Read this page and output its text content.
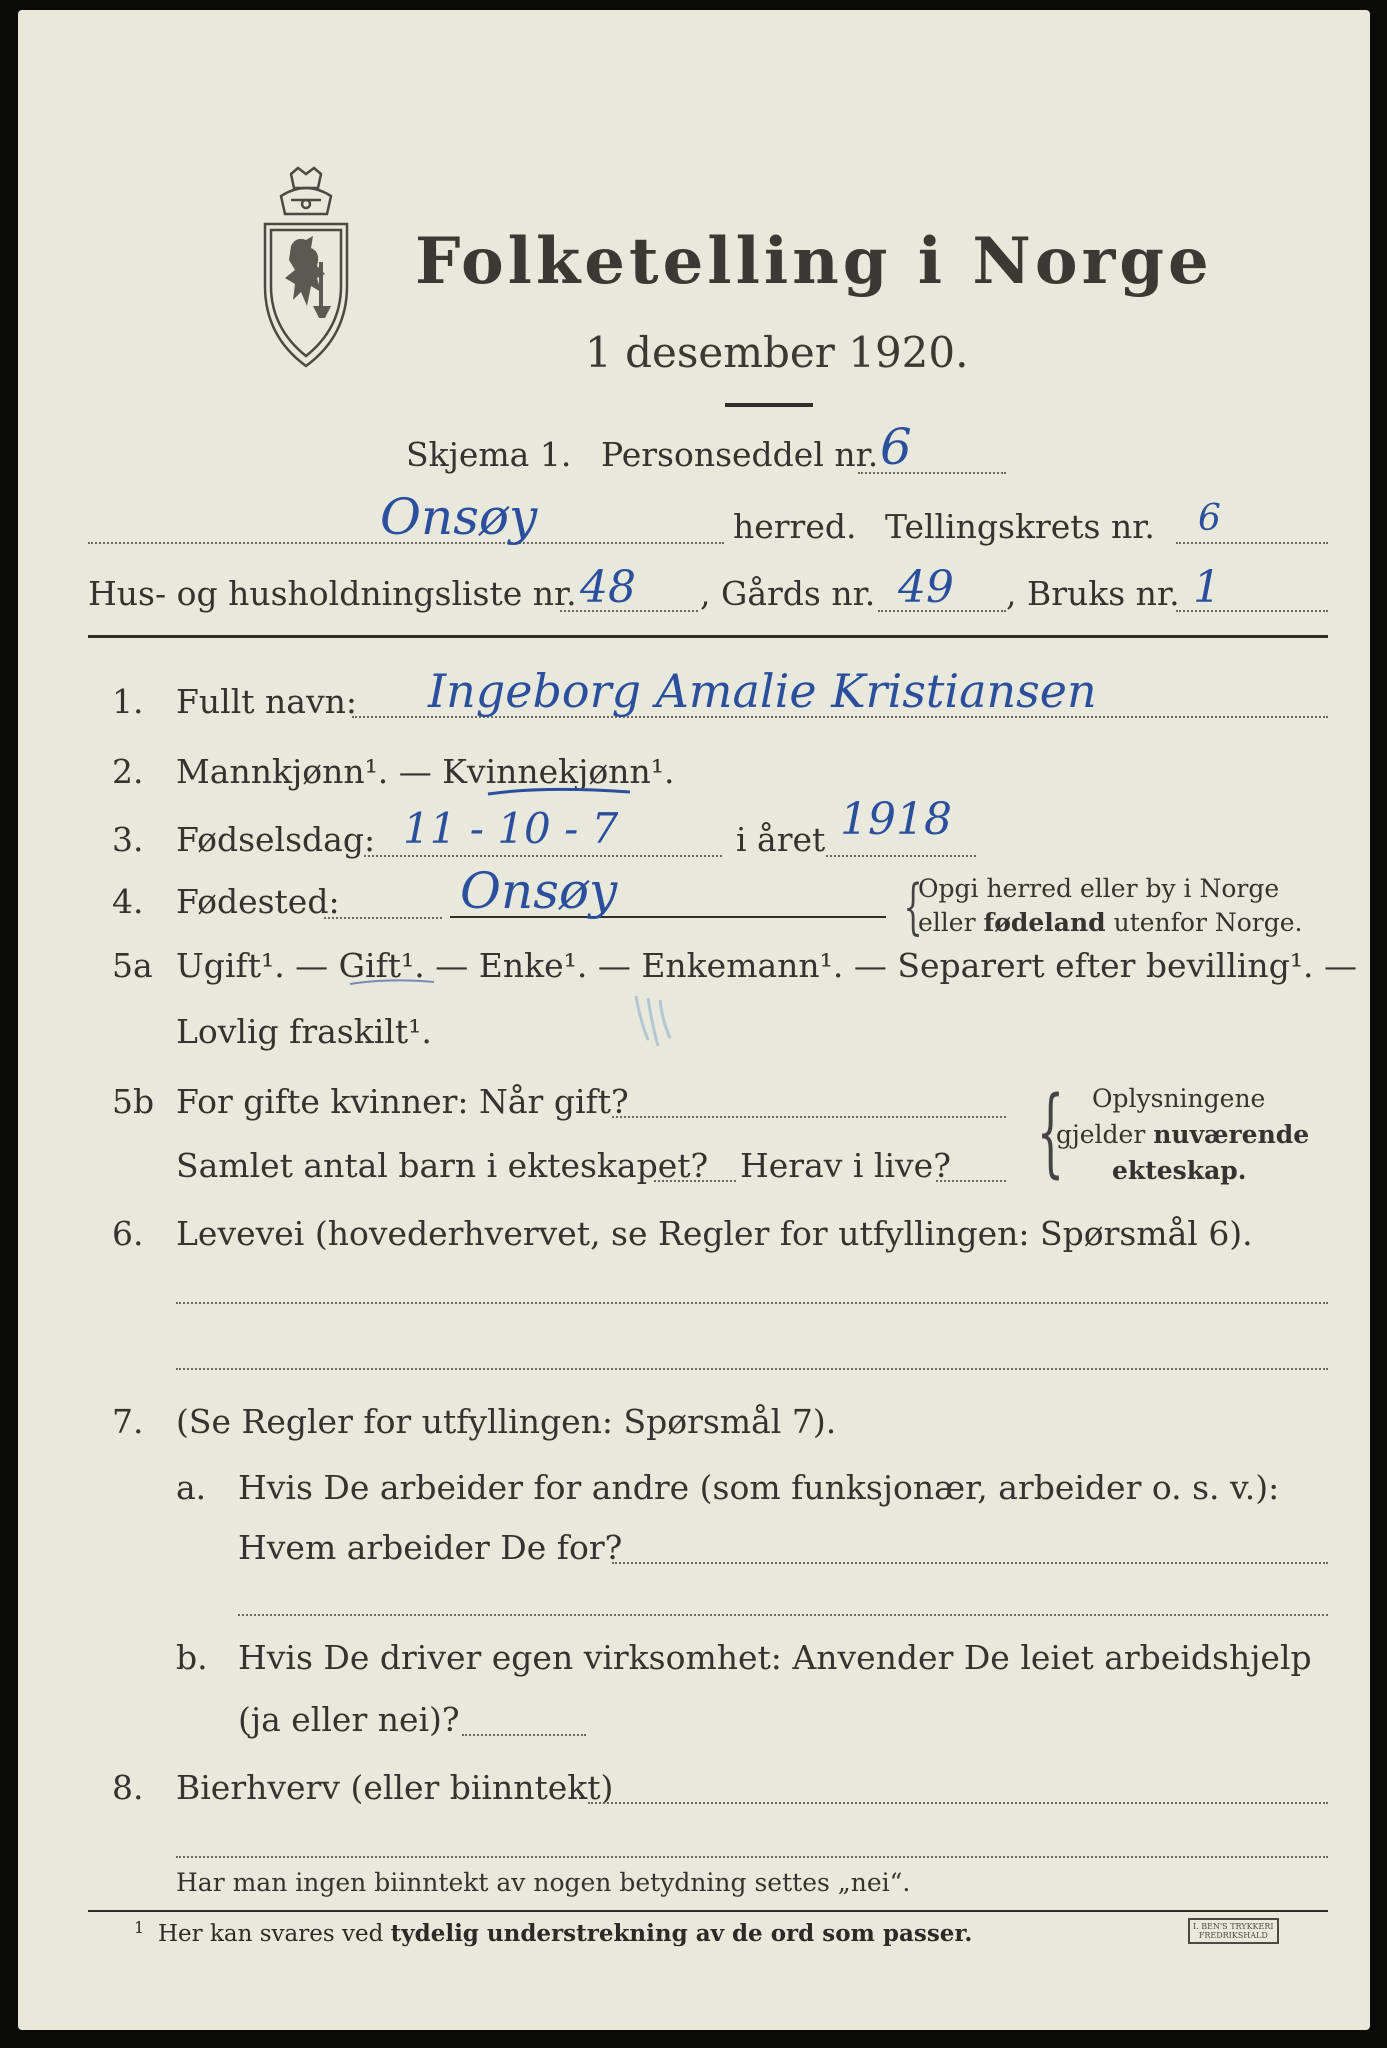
Folketelling i Norge
1 desember 1920.
Skjema 1. Personseddel nr. 6
Onsøy	herred. Tellingskrets nr. 6
Hus- og husholdningsliste nr. 48 , Gårds nr. 49 , Bruks nr. 1
1. Fullt navn: Ingeborg Amalie Kristiansen
2. Mannkjønn¹. — Kvinnekjønn¹.
3. Fødselsdag: 11 - 10 - 7	i året 1918
4. Fødested: Onsøy	{
Opgi herred eller by i Norge
eller fødeland utenfor Norge.
5a Ugift¹. — Gift¹. — Enke¹. — Enkemann¹. — Separert efter bevilling¹. —
Lovlig fraskilt¹.
5b For gifte kvinner: Når gift?
Samlet antal barn i ekteskapet? Herav i live? { Oplysningene
gjelder nuværende
ekteskap.
6. Levevei (hovederhvervet, se Regler for utfyllingen: Spørsmål 6).
7. (Se Regler for utfyllingen: Spørsmål 7).
a. Hvis De arbeider for andre (som funksjonær, arbeider o. s. v.):
Hvem arbeider De for?
b. Hvis De driver egen virksomhet: Anvender De leiet arbeidshjelp
(ja eller nei)?
8. Bierhverv (eller biinntekt)
Har man ingen biinntekt av nogen betydning settes „nei“.
1 Her kan svares ved tydelig understrekning av de ord som passer.	I. BEN'S TRYKKERI
FREDRIKSHALD
